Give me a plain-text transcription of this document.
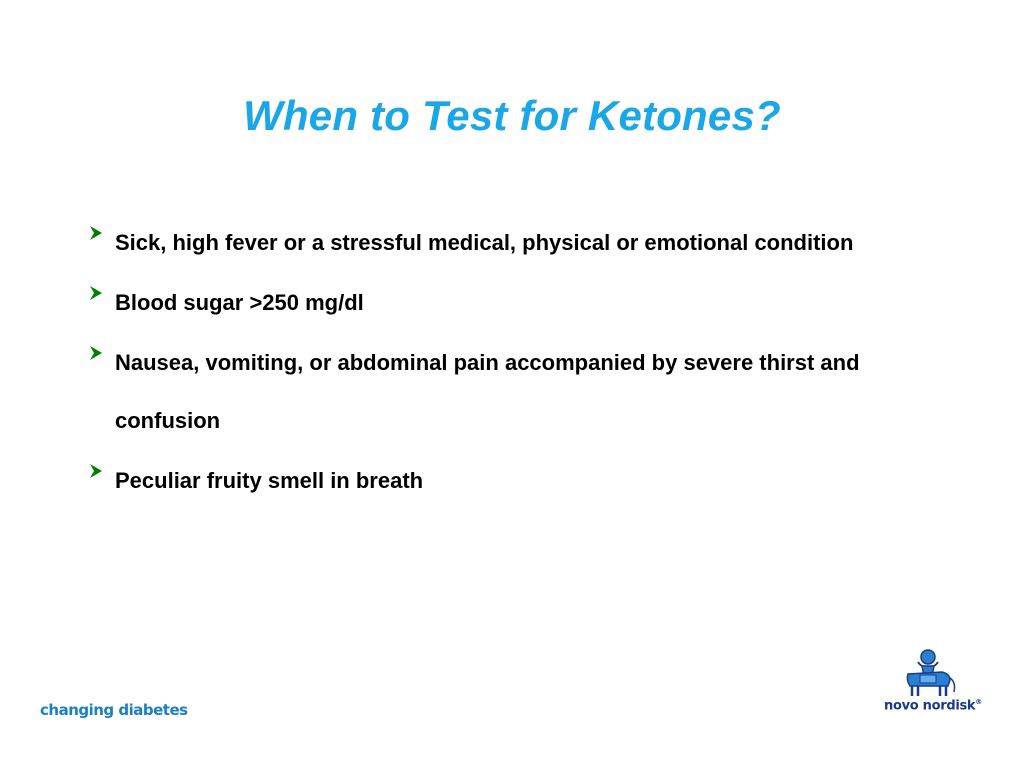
When to Test for Ketones?
Sick, high fever or a stressful medical, physical or emotional condition
Blood sugar >250 mg/dl
Nausea, vomiting, or abdominal pain accompanied by severe thirst and confusion
Peculiar fruity smell in breath
changing diabetes	novo nordisk®
